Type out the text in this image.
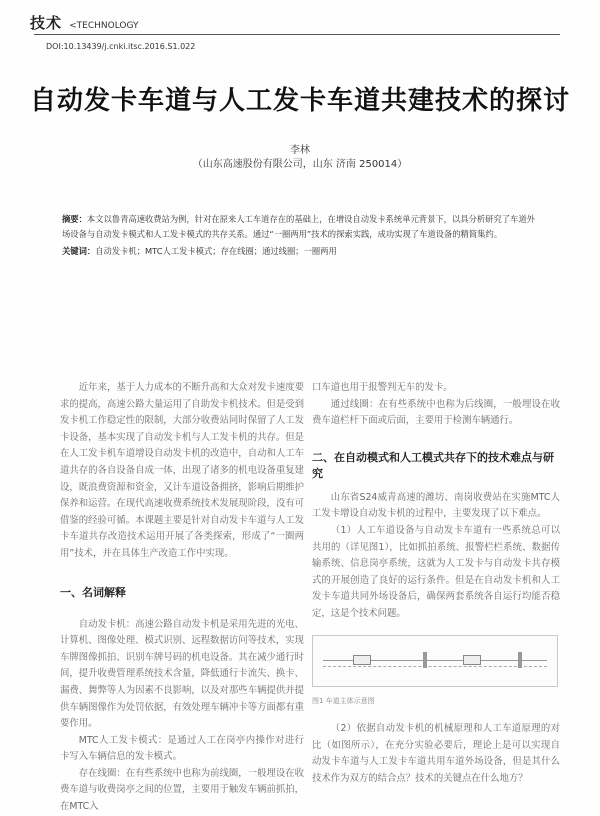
技术 <TECHNOLOGY
DOI:10.13439/j.cnki.itsc.2016.S1.022
自动发卡车道与人工发卡车道共建技术的探讨
李林
（山东高速股份有限公司，山东 济南 250014）
摘要：本文以鲁青高速收费站为例，针对在原来人工车道存在的基础上，在增设自动发卡系统单元背景下，以具分析研究了车道外场设备与自动发卡模式和人工发卡模式的共存关系。通过“一圈两用”技术的探索实践，成功实现了车道设备的精简集约。
关键词：自动发卡机；MTC人工发卡模式；存在线圈；通过线圈；一圈两用

近年来，基于人力成本的不断升高和大众对发卡速度要求的提高，高速公路大量运用了自助发卡机技术。但是受到发卡机工作稳定性的限制，大部分收费站同时保留了人工发卡设备，基本实现了自动发卡机与人工发卡机的共存。但是在人工发卡机车道增设自动发卡机的改造中，自动和人工车道共存的各自设备自成一体，出现了诸多的机电设备重复建设，既浪费资源和资金，又计车道设备拥挤，影响后期维护保养和运营。在现代高速收费系统技术发展现阶段，没有可借鉴的经验可循。本课题主要是针对自动发卡车道与人工发卡车道共存改造技术运用开展了各类探索，形成了“一圈两用”技术，并在具体生产改造工作中实现。

一、名词解释

自动发卡机：高速公路自动发卡机是采用先进的光电、计算机、图像处理、模式识别、远程数据访问等技术，实现车牌图像抓拍、识别车牌号码的机电设备。其在减少通行时间，提升收费管理系统技术含量，降低通行卡流失、换卡、漏费、舞弊等人为因素不良影响，以及对那些车辆提供并提供车辆图像作为处罚依据，有效处理车辆冲卡等方面都有重要作用。

MTC人工发卡模式：是通过人工在岗亭内操作对进行卡写入车辆信息的发卡模式。

存在线圈：在有些系统中也称为前线圈，一般埋设在收费车道与收费岗亭之间的位置，主要用于触发车辆前抓拍，在MTC入

口车道也用于报警判无车的发卡。

通过线圈：在有些系统中也称为后线圈，一般埋设在收费车道栏杆下面或后面，主要用于检测车辆通行。

二、在自动模式和人工模式共存下的技术难点与研究

山东省S24威青高速的潍坊、南岗收费站在实施MTC人工发卡增设自动发卡机的过程中，主要发现了以下难点。

（1）人工车道设备与自动发卡车道有一些系统总可以共用的（详见图1），比如抓拍系统、报警栏栏系统、数据传输系统、信息岗亭系统，这就为人工发卡与自动发卡共存模式的开展创造了良好的运行条件。但是在自动发卡机和人工发卡车道共同外场设备后，确保两套系统各自运行均能否稳定，这是个技术问题。

图1 车道主体示意图

（2）依据自动发卡机的机械原理和人工车道原理的对比（如图所示），在充分实验必要后，理论上是可以实现自动发卡车道与人工发卡车道共用车道外场设备，但是其什么技术作为双方的结合点？技术的关键点在什么地方？
